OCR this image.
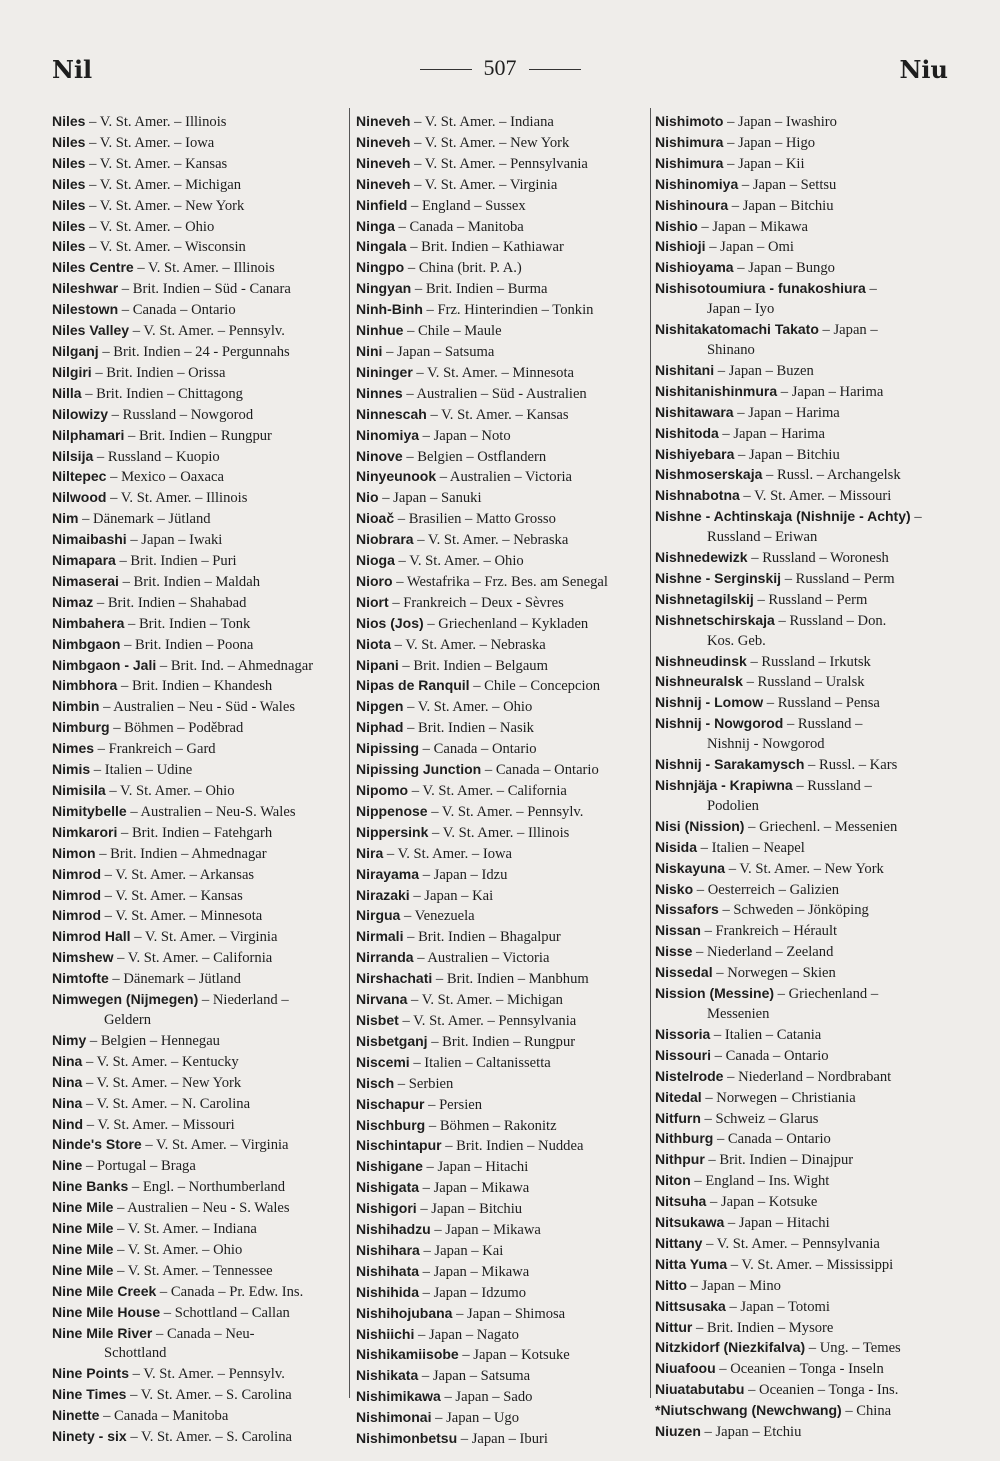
Nil	507	Niu
Niles – V. St. Amer. – Illinois
Niles – V. St. Amer. – Iowa
Niles – V. St. Amer. – Kansas
Niles – V. St. Amer. – Michigan
Niles – V. St. Amer. – New York
Niles – V. St. Amer. – Ohio
Niles – V. St. Amer. – Wisconsin
Niles Centre – V. St. Amer. – Illinois
Nileshwar – Brit. Indien – Süd - Canara
Nilestown – Canada – Ontario
Niles Valley – V. St. Amer. – Pennsylv.
Nilganj – Brit. Indien – 24 - Pergunnahs
Nilgiri – Brit. Indien – Orissa
Nilla – Brit. Indien – Chittagong
Nilowizy – Russland – Nowgorod
Nilphamari – Brit. Indien – Rungpur
Nilsija – Russland – Kuopio
Niltepec – Mexico – Oaxaca
Nilwood – V. St. Amer. – Illinois
Nim – Dänemark – Jütland
Nimaibashi – Japan – Iwaki
Nimapara – Brit. Indien – Puri
Nimaserai – Brit. Indien – Maldah
Nimaz – Brit. Indien – Shahabad
Nimbahera – Brit. Indien – Tonk
Nimbgaon – Brit. Indien – Poona
Nimbgaon - Jali – Brit. Ind. – Ahmednagar
Nimbhora – Brit. Indien – Khandesh
Nimbin – Australien – Neu - Süd - Wales
Nimburg – Böhmen – Poděbrad
Nimes – Frankreich – Gard
Nimis – Italien – Udine
Nimisila – V. St. Amer. – Ohio
Nimitybelle – Australien – Neu-S. Wales
Nimkarori – Brit. Indien – Fatehgarh
Nimon – Brit. Indien – Ahmednagar
Nimrod – V. St. Amer. – Arkansas
Nimrod – V. St. Amer. – Kansas
Nimrod – V. St. Amer. – Minnesota
Nimrod Hall – V. St. Amer. – Virginia
Nimshew – V. St. Amer. – California
Nimtofte – Dänemark – Jütland
Nimwegen (Nijmegen) – Niederland –
Geldern
Nimy – Belgien – Hennegau
Nina – V. St. Amer. – Kentucky
Nina – V. St. Amer. – New York
Nina – V. St. Amer. – N. Carolina
Nind – V. St. Amer. – Missouri
Ninde's Store – V. St. Amer. – Virginia
Nine – Portugal – Braga
Nine Banks – Engl. – Northumberland
Nine Mile – Australien – Neu - S. Wales
Nine Mile – V. St. Amer. – Indiana
Nine Mile – V. St. Amer. – Ohio
Nine Mile – V. St. Amer. – Tennessee
Nine Mile Creek – Canada – Pr. Edw. Ins.
Nine Mile House – Schottland – Callan
Nine Mile River – Canada – Neu-
Schottland
Nine Points – V. St. Amer. – Pennsylv.
Nine Times – V. St. Amer. – S. Carolina
Ninette – Canada – Manitoba
Ninety - six – V. St. Amer. – S. Carolina
Nineveh – V. St. Amer. – Indiana
Nineveh – V. St. Amer. – New York
Nineveh – V. St. Amer. – Pennsylvania
Nineveh – V. St. Amer. – Virginia
Ninfield – England – Sussex
Ninga – Canada – Manitoba
Ningala – Brit. Indien – Kathiawar
Ningpo – China (brit. P. A.)
Ningyan – Brit. Indien – Burma
Ninh-Binh – Frz. Hinterindien – Tonkin
Ninhue – Chile – Maule
Nini – Japan – Satsuma
Nininger – V. St. Amer. – Minnesota
Ninnes – Australien – Süd - Australien
Ninnescah – V. St. Amer. – Kansas
Ninomiya – Japan – Noto
Ninove – Belgien – Ostflandern
Ninyeunook – Australien – Victoria
Nio – Japan – Sanuki
Nioač – Brasilien – Matto Grosso
Niobrara – V. St. Amer. – Nebraska
Nioga – V. St. Amer. – Ohio
Nioro – Westafrika – Frz. Bes. am Senegal
Niort – Frankreich – Deux - Sèvres
Nios (Jos) – Griechenland – Kykladen
Niota – V. St. Amer. – Nebraska
Nipani – Brit. Indien – Belgaum
Nipas de Ranquil – Chile – Concepcion
Nipgen – V. St. Amer. – Ohio
Niphad – Brit. Indien – Nasik
Nipissing – Canada – Ontario
Nipissing Junction – Canada – Ontario
Nipomo – V. St. Amer. – California
Nippenose – V. St. Amer. – Pennsylv.
Nippersink – V. St. Amer. – Illinois
Nira – V. St. Amer. – Iowa
Nirayama – Japan – Idzu
Nirazaki – Japan – Kai
Nirgua – Venezuela
Nirmali – Brit. Indien – Bhagalpur
Nirranda – Australien – Victoria
Nirshachati – Brit. Indien – Manbhum
Nirvana – V. St. Amer. – Michigan
Nisbet – V. St. Amer. – Pennsylvania
Nisbetganj – Brit. Indien – Rungpur
Niscemi – Italien – Caltanissetta
Nisch – Serbien
Nischapur – Persien
Nischburg – Böhmen – Rakonitz
Nischintapur – Brit. Indien – Nuddea
Nishigane – Japan – Hitachi
Nishigata – Japan – Mikawa
Nishigori – Japan – Bitchiu
Nishihadzu – Japan – Mikawa
Nishihara – Japan – Kai
Nishihata – Japan – Mikawa
Nishihida – Japan – Idzumo
Nishihojubana – Japan – Shimosa
Nishiichi – Japan – Nagato
Nishikamiisobe – Japan – Kotsuke
Nishikata – Japan – Satsuma
Nishimikawa – Japan – Sado
Nishimonai – Japan – Ugo
Nishimonbetsu – Japan – Iburi
Nishimoto – Japan – Iwashiro
Nishimura – Japan – Higo
Nishimura – Japan – Kii
Nishinomiya – Japan – Settsu
Nishinoura – Japan – Bitchiu
Nishio – Japan – Mikawa
Nishioji – Japan – Omi
Nishioyama – Japan – Bungo
Nishisotoumiura - funakoshiura –
Japan – Iyo
Nishitakatomachi Takato – Japan –
Shinano
Nishitani – Japan – Buzen
Nishitanishinmura – Japan – Harima
Nishitawara – Japan – Harima
Nishitoda – Japan – Harima
Nishiyebara – Japan – Bitchiu
Nishmoserskaja – Russl. – Archangelsk
Nishnabotna – V. St. Amer. – Missouri
Nishne - Achtinskaja (Nishnije - Achty) –
Russland – Eriwan
Nishnedewizk – Russland – Woronesh
Nishne - Serginskij – Russland – Perm
Nishnetagilskij – Russland – Perm
Nishnetschirskaja – Russland – Don.
Kos. Geb.
Nishneudinsk – Russland – Irkutsk
Nishneuralsk – Russland – Uralsk
Nishnij - Lomow – Russland – Pensa
Nishnij - Nowgorod – Russland –
Nishnij - Nowgorod
Nishnij - Sarakamysch – Russl. – Kars
Nishnjäja - Krapiwna – Russland –
Podolien
Nisi (Nission) – Griechenl. – Messenien
Nisida – Italien – Neapel
Niskayuna – V. St. Amer. – New York
Nisko – Oesterreich – Galizien
Nissafors – Schweden – Jönköping
Nissan – Frankreich – Hérault
Nisse – Niederland – Zeeland
Nissedal – Norwegen – Skien
Nission (Messine) – Griechenland –
Messenien
Nissoria – Italien – Catania
Nissouri – Canada – Ontario
Nistelrode – Niederland – Nordbrabant
Nitedal – Norwegen – Christiania
Nitfurn – Schweiz – Glarus
Nithburg – Canada – Ontario
Nithpur – Brit. Indien – Dinajpur
Niton – England – Ins. Wight
Nitsuha – Japan – Kotsuke
Nitsukawa – Japan – Hitachi
Nittany – V. St. Amer. – Pennsylvania
Nitta Yuma – V. St. Amer. – Mississippi
Nitto – Japan – Mino
Nittsusaka – Japan – Totomi
Nittur – Brit. Indien – Mysore
Nitzkidorf (Niezkifalva) – Ung. – Temes
Niuafoou – Oceanien – Tonga - Inseln
Niuatabutabu – Oceanien – Tonga - Ins.
*Niutschwang (Newchwang) – China
Niuzen – Japan – Etchiu
